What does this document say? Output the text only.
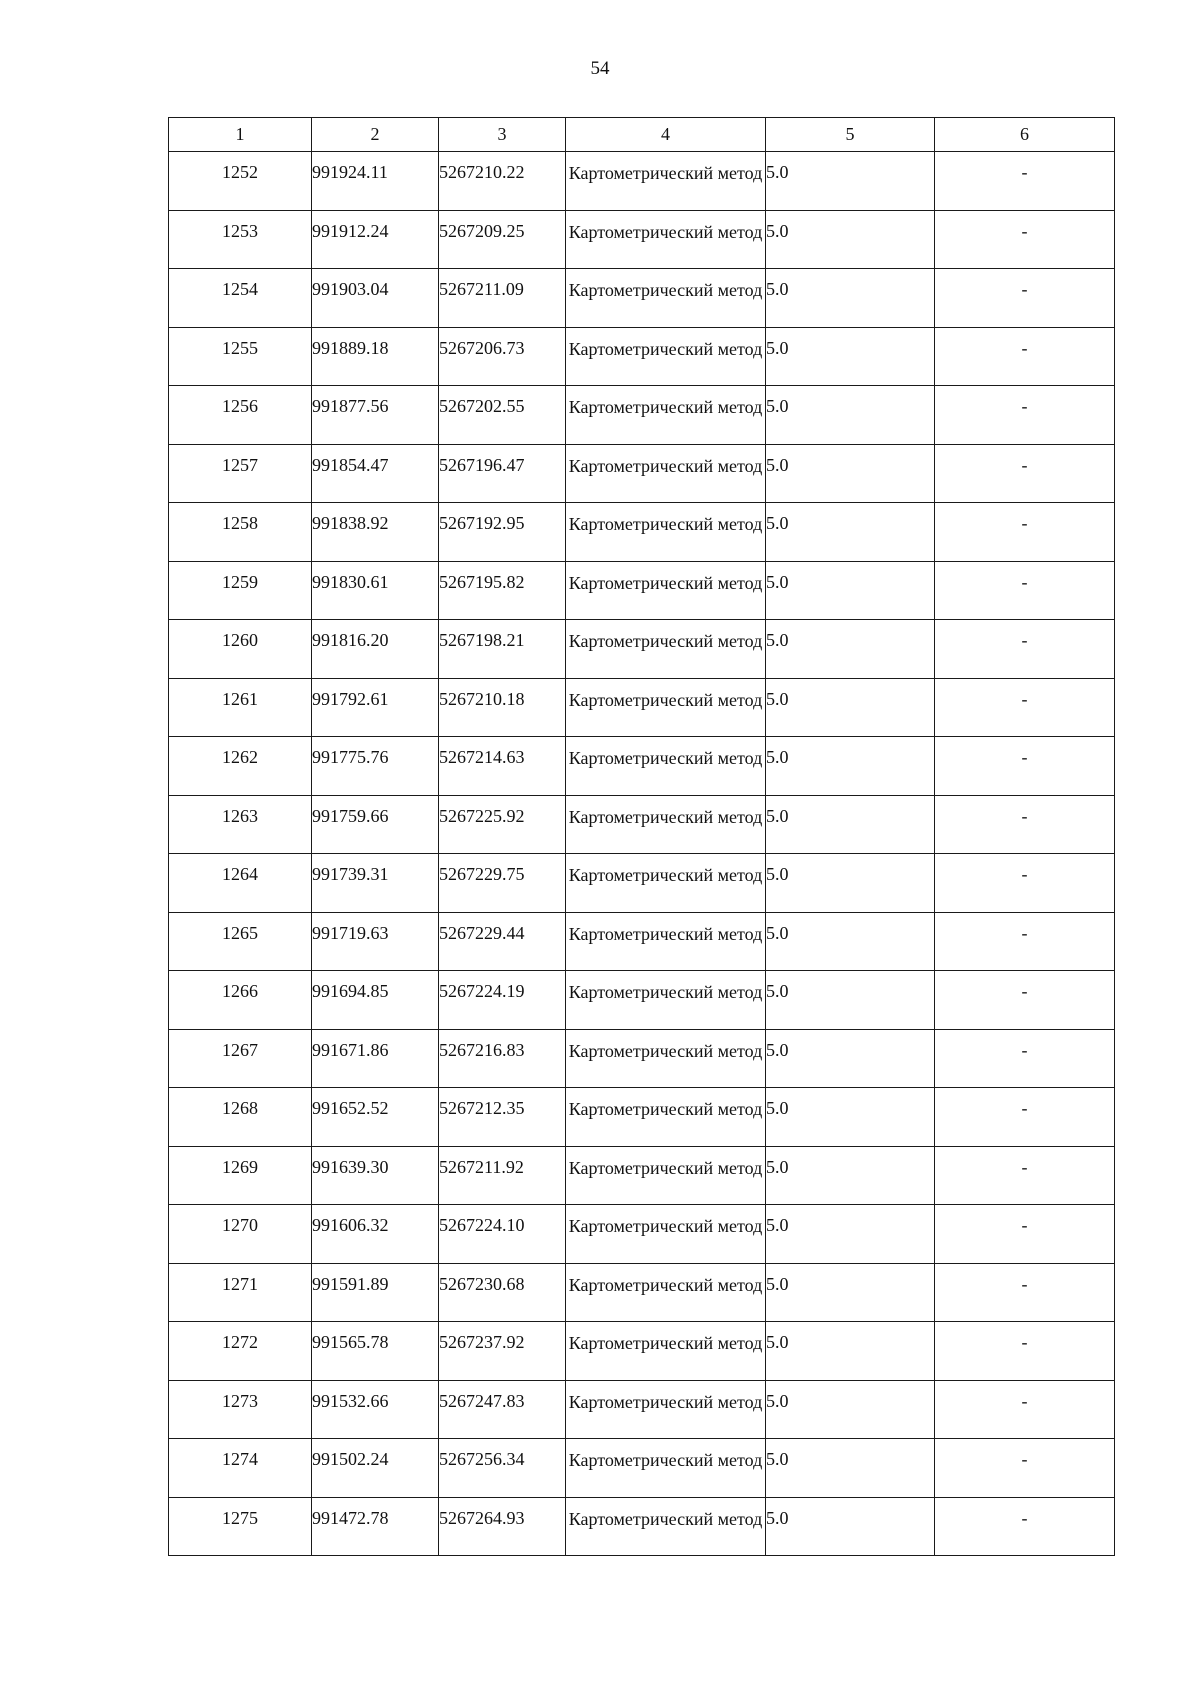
54
1	2	3	4	5	6
1252	991924.11	5267210.22	Картометрический метод	5.0	-
1253	991912.24	5267209.25	Картометрический метод	5.0	-
1254	991903.04	5267211.09	Картометрический метод	5.0	-
1255	991889.18	5267206.73	Картометрический метод	5.0	-
1256	991877.56	5267202.55	Картометрический метод	5.0	-
1257	991854.47	5267196.47	Картометрический метод	5.0	-
1258	991838.92	5267192.95	Картометрический метод	5.0	-
1259	991830.61	5267195.82	Картометрический метод	5.0	-
1260	991816.20	5267198.21	Картометрический метод	5.0	-
1261	991792.61	5267210.18	Картометрический метод	5.0	-
1262	991775.76	5267214.63	Картометрический метод	5.0	-
1263	991759.66	5267225.92	Картометрический метод	5.0	-
1264	991739.31	5267229.75	Картометрический метод	5.0	-
1265	991719.63	5267229.44	Картометрический метод	5.0	-
1266	991694.85	5267224.19	Картометрический метод	5.0	-
1267	991671.86	5267216.83	Картометрический метод	5.0	-
1268	991652.52	5267212.35	Картометрический метод	5.0	-
1269	991639.30	5267211.92	Картометрический метод	5.0	-
1270	991606.32	5267224.10	Картометрический метод	5.0	-
1271	991591.89	5267230.68	Картометрический метод	5.0	-
1272	991565.78	5267237.92	Картометрический метод	5.0	-
1273	991532.66	5267247.83	Картометрический метод	5.0	-
1274	991502.24	5267256.34	Картометрический метод	5.0	-
1275	991472.78	5267264.93	Картометрический метод	5.0	-
